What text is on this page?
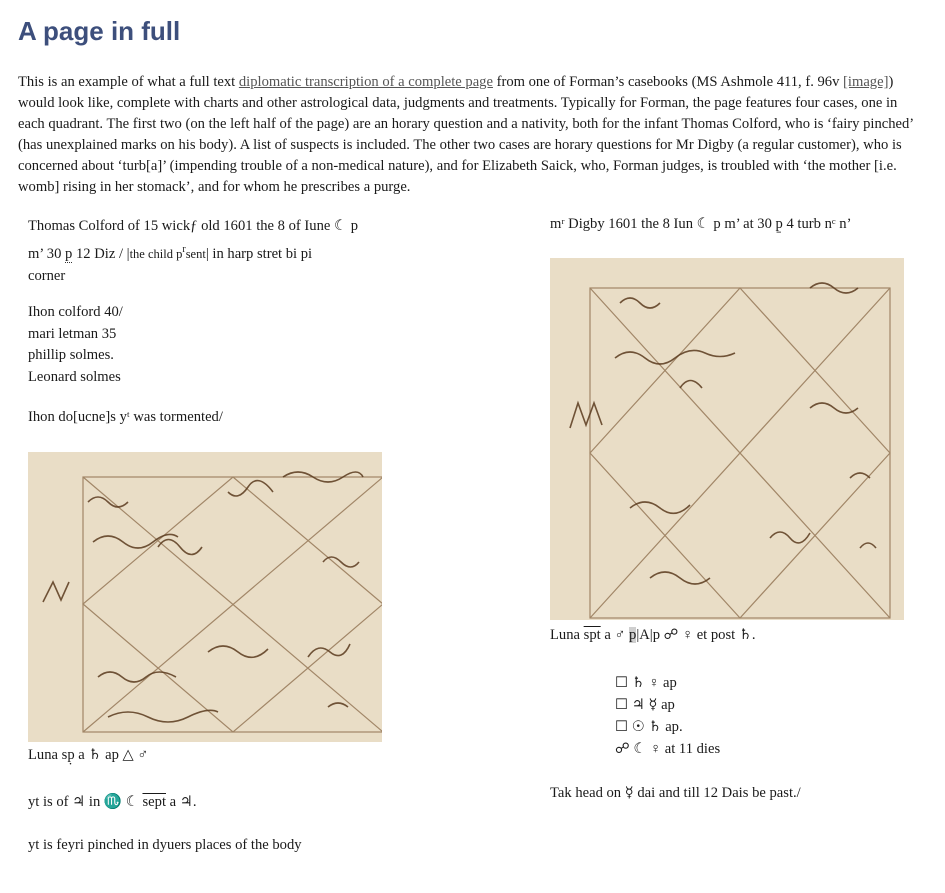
A page in full

This is an example of what a full text diplomatic transcription of a complete page from one of Forman’s casebooks (MS Ashmole 411, f. 96v [image]) would look like, complete with charts and other astrological data, judgments and treatments. Typically for Forman, the page features four cases, one in each quadrant. The first two (on the left half of the page) are an horary question and a nativity, both for the infant Thomas Colford, who is ‘fairy pinched’ (has unexplained marks on his body). A list of suspects is included. The other two cases are horary questions for Mr Digby (a regular customer), who is concerned about ‘turb[a]’ (impending trouble of a non-medical nature), and for Elizabeth Saick, who, Forman judges, is troubled with ‘the mother [i.e. womb] rising in her stomack’, and for whom he prescribes a purge.

Thomas Colford of 15 wickƒ old 1601 the 8 of Iune ☾ p

m’ 30 p 12 Diz / |the child $p^rsent|$ in harp stret bi pi

corner

Ihon colford 40/

mari letman 35

phillip solmes.

Leonard solmes

Ihon do[ucne]s yᵗ was tormented/

Luna sp̣ a ♄ ap △ ♂

yt is of ♃ in ♏ ☾ sept a ♃.

yt is feyri pinched in dyuers places of the body

mʳ Digby 1601 the 8 Iun ☾ p m’ at 30 p̱ 4 turb nᶜ n’

Luna $\overline{spt}$ a ♂ p|A|p ☍ ♀ et post ♄.

☐ ♄ ♀ ap

☐ ♃ ☿ ap

☐ ☉ ♄ ap.

☍ ☾ ♀ at 11 dies

Tak head on ☿ dai and till 12 Dais be past./
